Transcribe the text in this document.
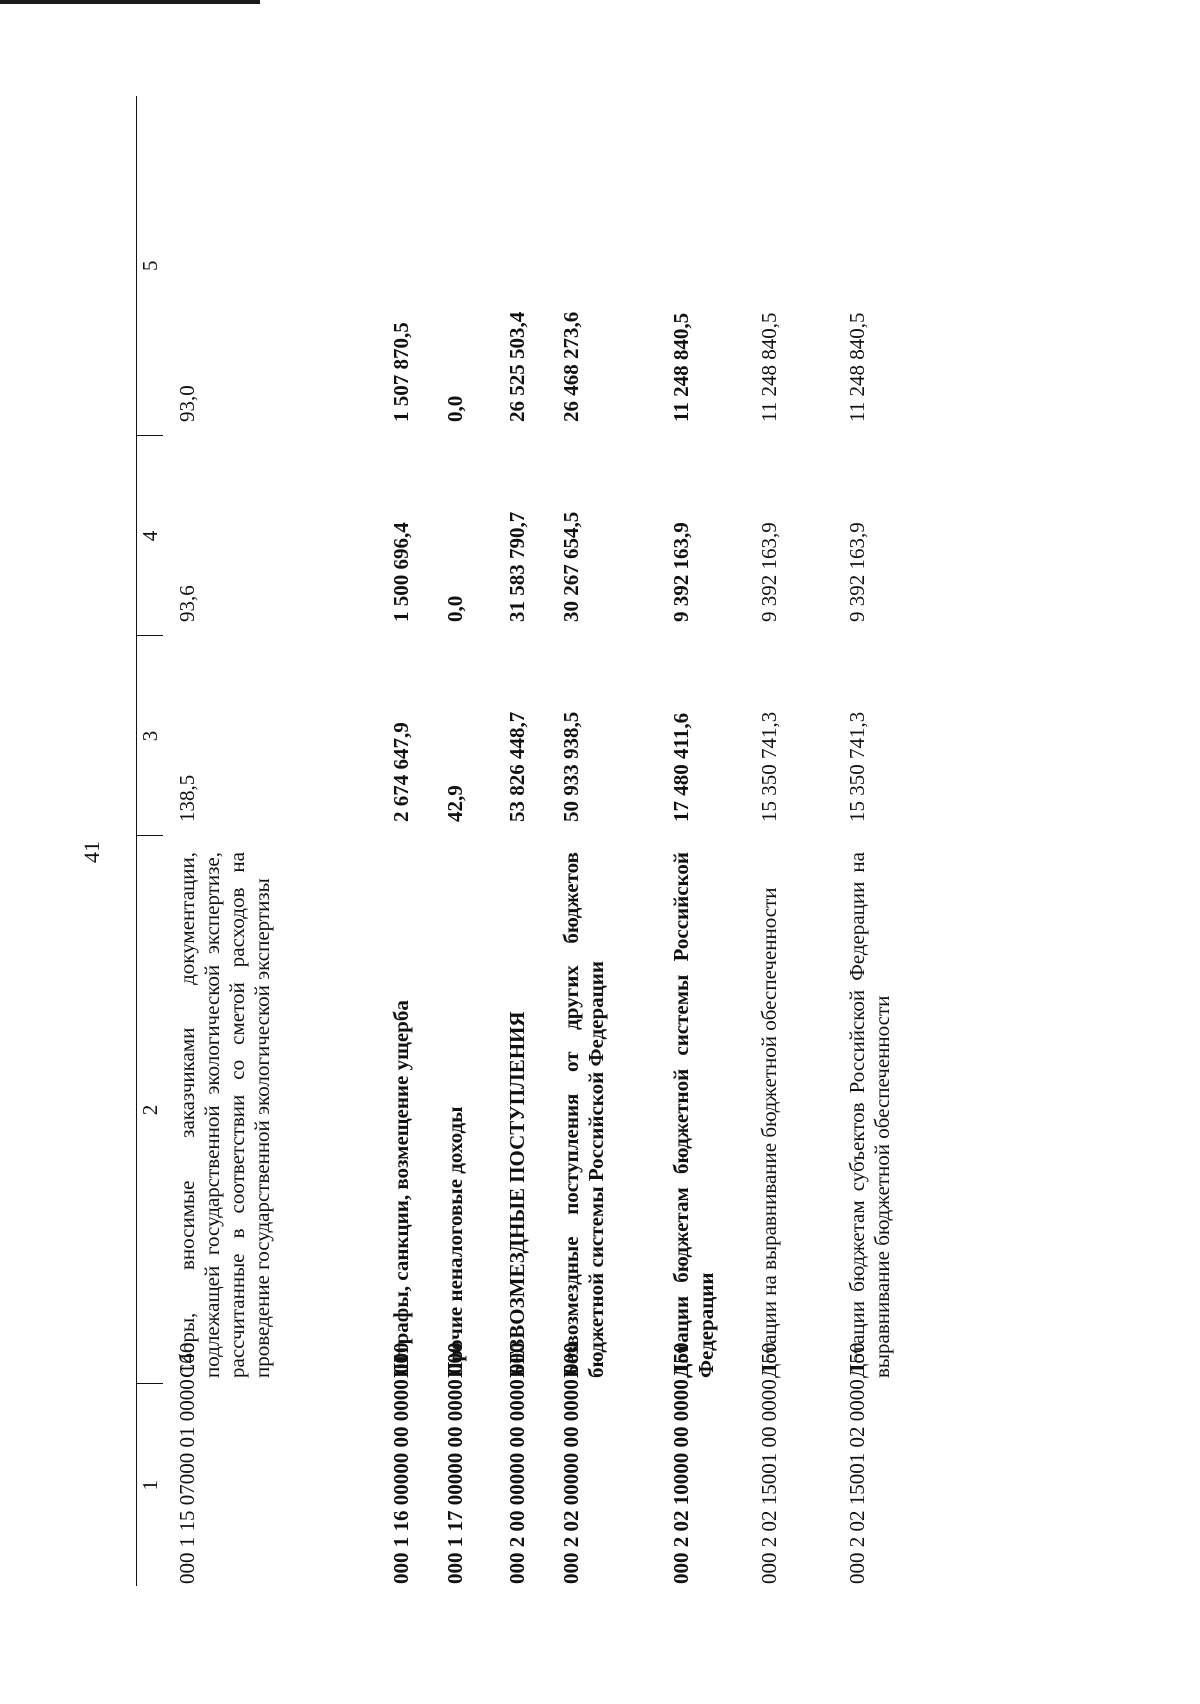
41
1	2	3	4	5
000 1 15 07000 01 0000 140	Сборы, вносимые заказчиками документации, подлежащей государственной экологической экспертизе, рассчитанные в соответствии со сметой расходов на проведение государственной экологической экспертизы	138,5	93,6	93,0
000 1 16 00000 00 0000 000	Штрафы, санкции, возмещение ущерба	2 674 647,9	1 500 696,4	1 507 870,5
000 1 17 00000 00 0000 000	Прочие неналоговые доходы	42,9	0,0	0,0
000 2 00 00000 00 0000 000	БЕЗВОЗМЕЗДНЫЕ ПОСТУПЛЕНИЯ	53 826 448,7	31 583 790,7	26 525 503,4
000 2 02 00000 00 0000 000	Безвозмездные поступления от других бюджетов бюджетной системы Российской Федерации	50 933 938,5	30 267 654,5	26 468 273,6
000 2 02 10000 00 0000 150	Дотации бюджетам бюджетной системы Российской Федерации	17 480 411,6	9 392 163,9	11 248 840,5
000 2 02 15001 00 0000 150	Дотации на выравнивание бюджетной обеспеченности	15 350 741,3	9 392 163,9	11 248 840,5
000 2 02 15001 02 0000 150	Дотации бюджетам субъектов Российской Федерации на выравнивание бюджетной обеспеченности	15 350 741,3	9 392 163,9	11 248 840,5
